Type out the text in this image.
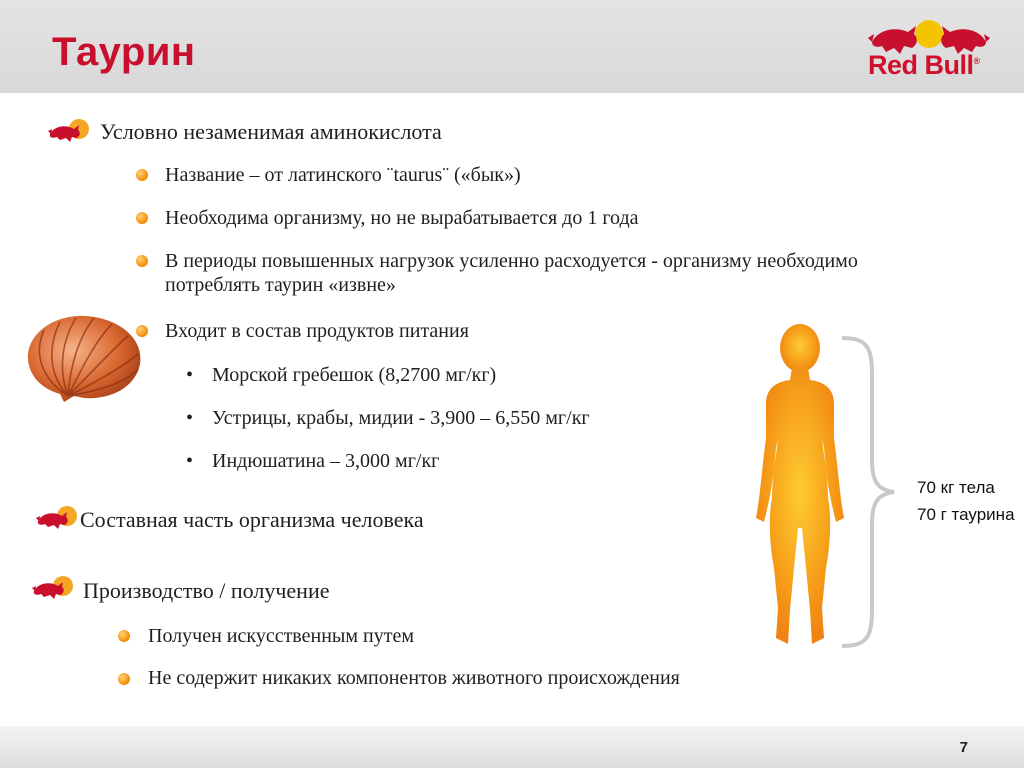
Таурин	Red Bull®
Условно незаменимая аминокислота
Название – от латинского ¨taurus¨ («бык»)
Необходима организму, но не вырабатывается до 1 года
В периоды повышенных нагрузок усиленно расходуется - организму необходимо потреблять таурин «извне»
Входит в состав продуктов питания
• Морской гребешок (8,2700 мг/кг)
• Устрицы, крабы, мидии - 3,900 – 6,550 мг/кг
• Индюшатина – 3,000 мг/кг
Составная часть организма человека
Производство / получение
Получен искусственным путем
Не содержит никаких компонентов животного происхождения
70 кг тела
70 г таурина
7
